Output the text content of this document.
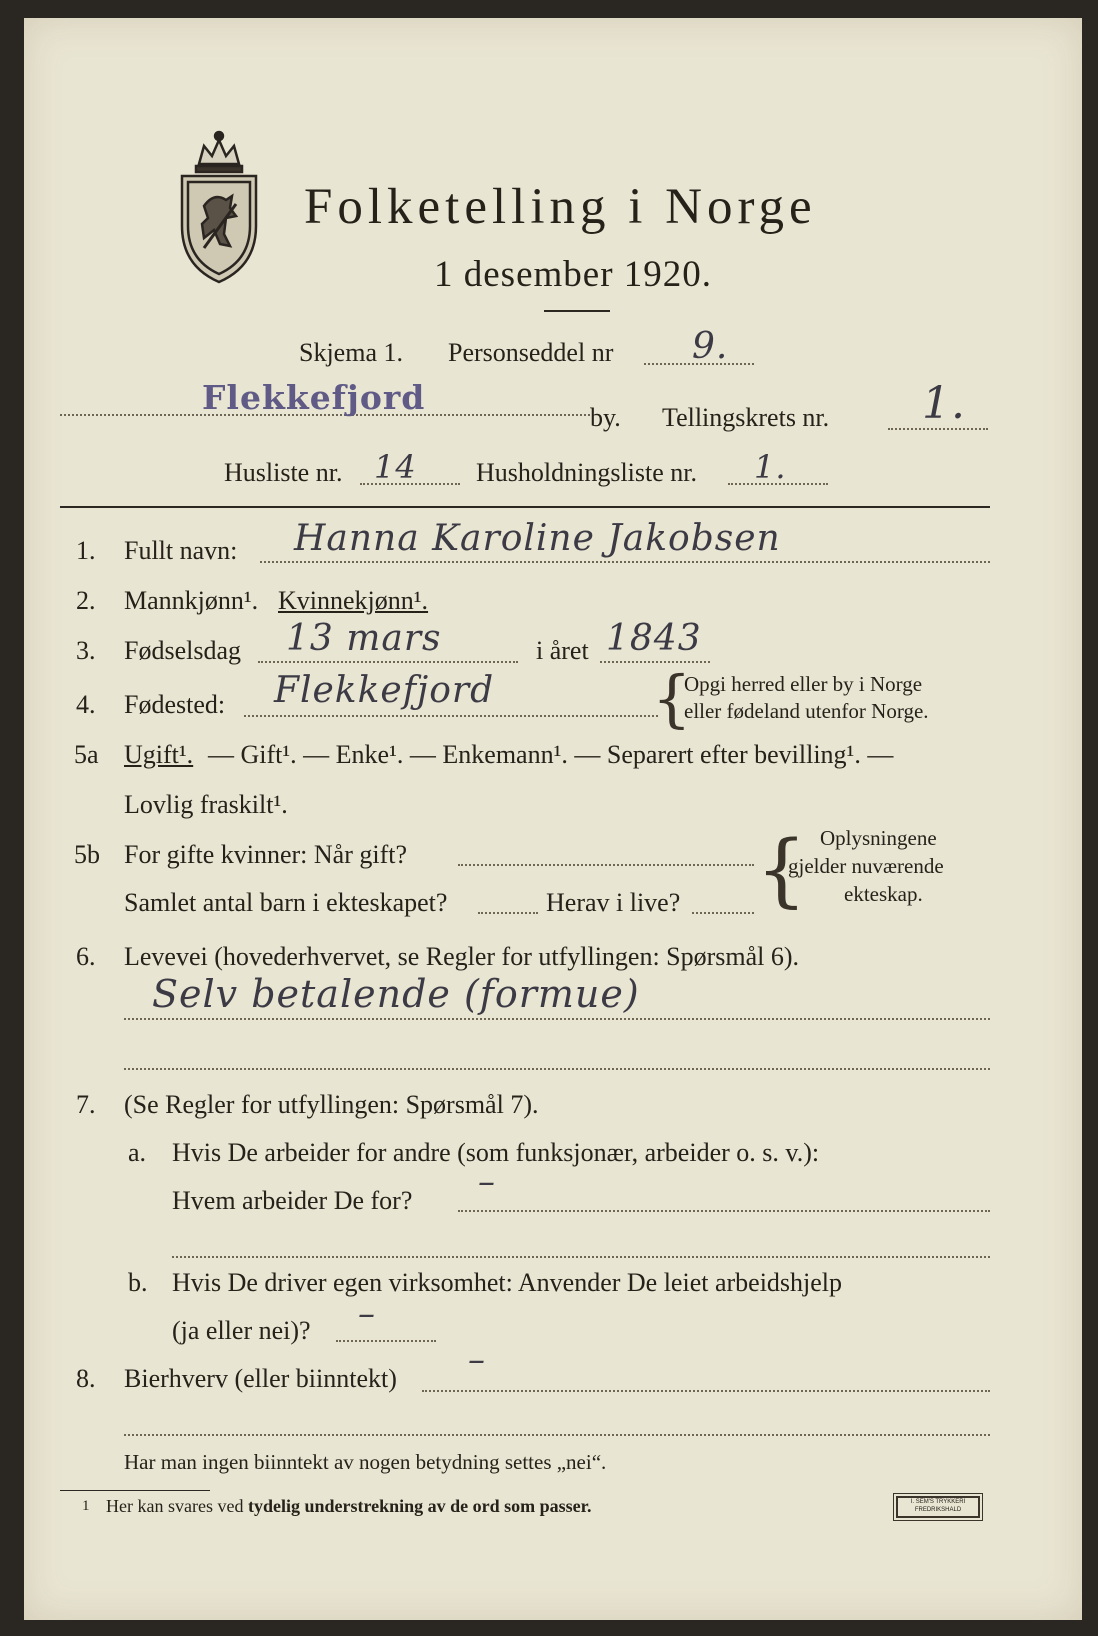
Folketelling i Norge
1 desember 1920.
Skjema 1. Personseddel nr 9.
Flekkefjord
by. Tellingskrets nr. 1.
Husliste nr. 14 Husholdningsliste nr. 1.
1. Fullt navn: Hanna Karoline Jakobsen
2. Mannkjønn¹. Kvinnekjønn¹.
3. Fødselsdag 13 mars	i året 1843
4. Fødested: Flekkefjord	{
Opgi herred eller by i Norge
eller fødeland utenfor Norge.
5a Ugift¹. — Gift¹. — Enke¹. — Enkemann¹. — Separert efter bevilling¹. —
Lovlig fraskilt¹.
5b For gifte kvinner: Når gift?
Samlet antal barn i ekteskapet?	Herav i live? { Oplysningene
gjelder nuværende
ekteskap.
6. Levevei (hovederhvervet, se Regler for utfyllingen: Spørsmål 6).
Selv betalende (formue)
7. (Se Regler for utfyllingen: Spørsmål 7).
a. Hvis De arbeider for andre (som funksjonær, arbeider o. s. v.):
Hvem arbeider De for? –
b. Hvis De driver egen virksomhet: Anvender De leiet arbeidshjelp
(ja eller nei)? –
8. Bierhverv (eller biinntekt) –
Har man ingen biinntekt av nogen betydning settes „nei“.
1 Her kan svares ved tydelig understrekning av de ord som passer.	I. SEM'S TRYKKERI
FREDRIKSHALD
